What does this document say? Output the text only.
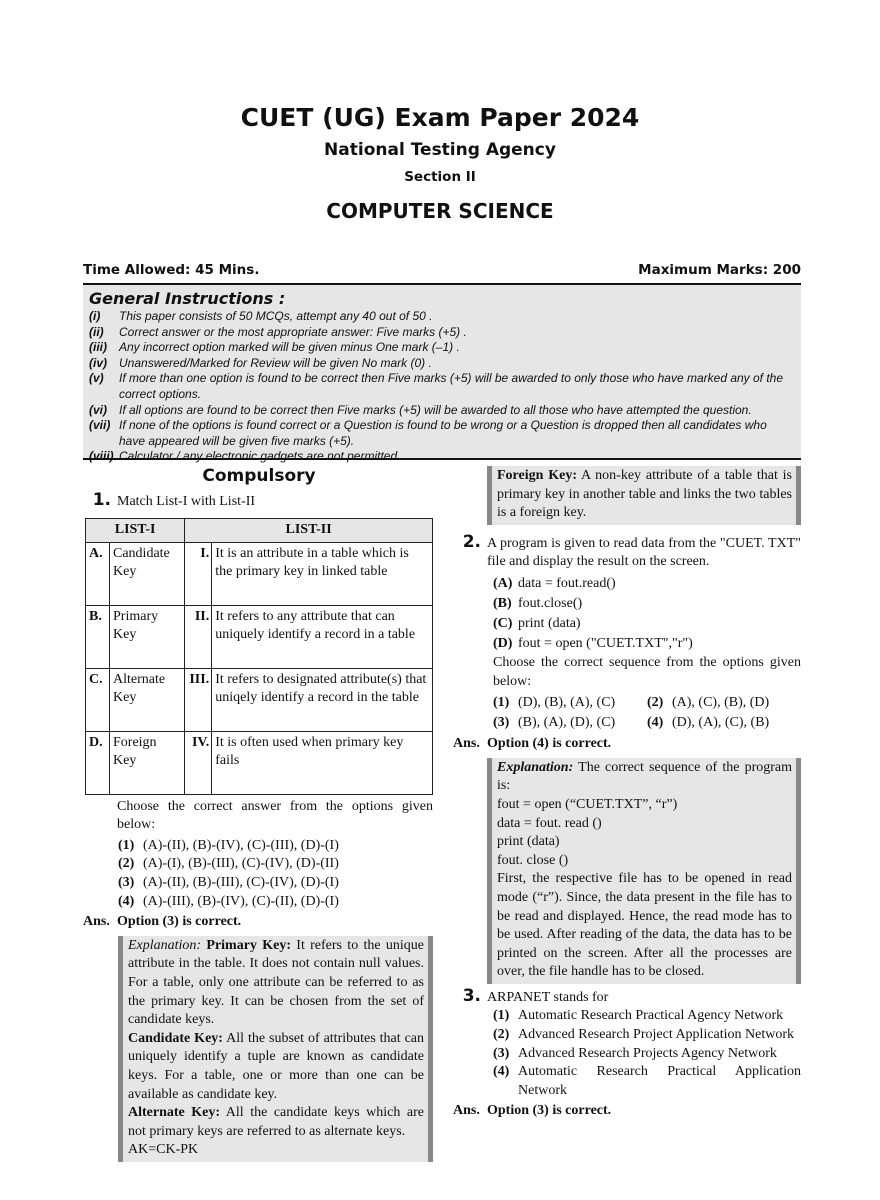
CUET (UG) Exam Paper 2024
National Testing Agency
Section II
COMPUTER SCIENCE
Time Allowed: 45 Mins.	Maximum Marks: 200
General Instructions :
(i)	This paper consists of 50 MCQs, attempt any 40 out of 50 .
(ii)	Correct answer or the most appropriate answer: Five marks (+5) .
(iii)	Any incorrect option marked will be given minus One mark (–1) .
(iv)	Unanswered/Marked for Review will be given No mark (0) .
(v)	If more than one option is found to be correct then Five marks (+5) will be awarded to only those who have marked any of the correct options.
(vi)	If all options are found to be correct then Five marks (+5) will be awarded to all those who have attempted the question.
(vii) If none of the options is found correct or a Question is found to be wrong or a Question is dropped then all candidates who have appeared will be given five marks (+5).
(viii) Calculator / any electronic gadgets are not permitted.
Compulsory
1. Match List-I with List-II
LIST-I		LIST-II	
A.	Candidate Key	I.	It is an attribute in a table which is the primary key in linked table
B.	Primary Key	II.	It refers to any attribute that can uniquely identify a record in a table
C.	Alternate Key	III.	It refers to designated attribute(s) that uniqely identify a record in the table
D.	Foreign Key	IV.	It is often used when primary key fails
Choose the correct answer from the options given below:
(1) (A)-(II), (B)-(IV), (C)-(III), (D)-(I)
(2) (A)-(I), (B)-(III), (C)-(IV), (D)-(II)
(3) (A)-(II), (B)-(III), (C)-(IV), (D)-(I)
(4) (A)-(III), (B)-(IV), (C)-(II), (D)-(I)
Ans. Option (3) is correct.
Explanation: Primary Key: It refers to the unique attribute in the table. It does not contain null values. For a table, only one attribute can be referred to as the primary key. It can be chosen from the set of candidate keys.
Candidate Key: All the subset of attributes that can uniquely identify a tuple are known as candidate keys. For a table, one or more than one can be available as candidate key.
Alternate Key: All the candidate keys which are not primary keys are referred to as alternate keys.
AK=CK-PK
Foreign Key: A non-key attribute of a table that is primary key in another table and links the two tables is a foreign key.
2. A program is given to read data from the "CUET. TXT" file and display the result on the screen.
(A) data = fout.read()
(B) fout.close()
(C) print (data)
(D) fout = open ("CUET.TXT","r")
Choose the correct sequence from the options given below:
(1) (D), (B), (A), (C) (2) (A), (C), (B), (D)
(3) (B), (A), (D), (C) (4) (D), (A), (C), (B)
Ans. Option (4) is correct.
Explanation: The correct sequence of the program is:
fout = open (“CUET.TXT”, “r”)
data = fout. read ()
print (data)
fout. close ()
First, the respective file has to be opened in read mode (“r”). Since, the data present in the file has to be read and displayed. Hence, the read mode has to be used. After reading of the data, the data has to be printed on the screen. After all the processes are over, the file handle has to be closed.
3. ARPANET stands for
(1) Automatic Research Practical Agency Network
(2) Advanced Research Project Application Network
(3) Advanced Research Projects Agency Network
(4) Automatic Research Practical Application Network
Ans. Option (3) is correct.
